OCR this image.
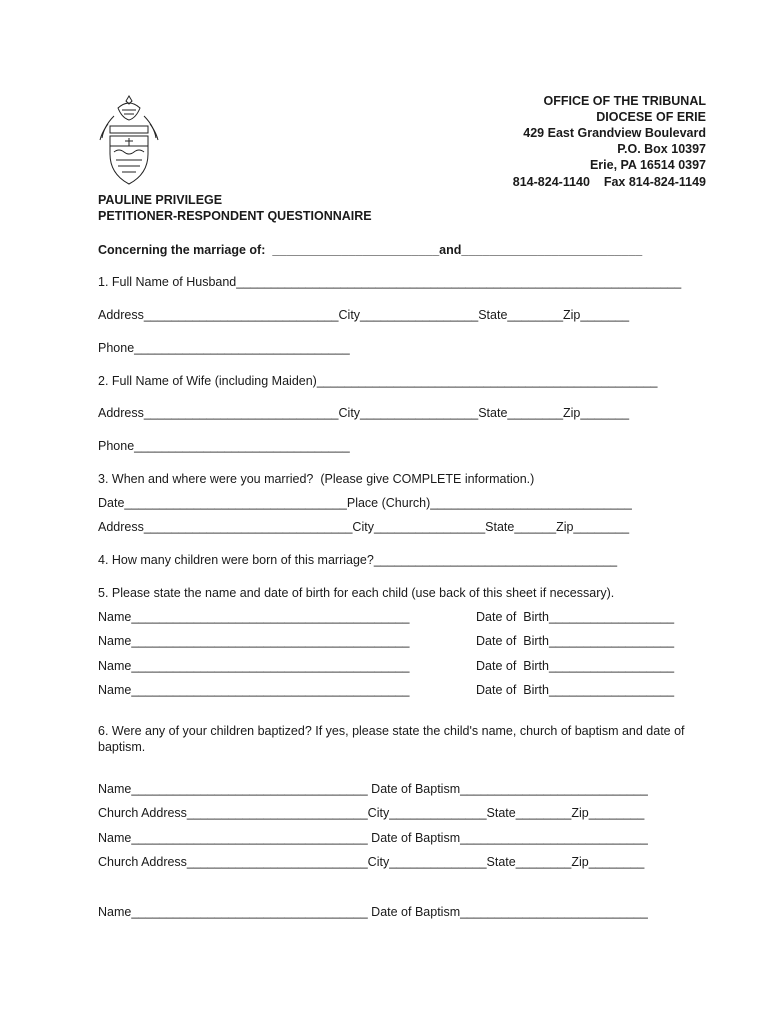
OFFICE OF THE TRIBUNAL
DIOCESE OF ERIE
429 East Grandview Boulevard
P.O. Box 10397
Erie, PA 16514 0397
814-824-1140    Fax 814-824-1149
PAULINE PRIVILEGE
PETITIONER-RESPONDENT QUESTIONNAIRE
Concerning the marriage of:  ________________________and__________________________
1. Full Name of Husband________________________________________________________________
Address____________________________City_________________State________Zip_______
Phone_______________________________
2. Full Name of Wife (including Maiden)_________________________________________________
Address____________________________City_________________State________Zip_______
Phone_______________________________
3. When and where were you married?  (Please give COMPLETE information.)
Date________________________________Place (Church)_____________________________
Address______________________________City________________State______Zip________
4. How many children were born of this marriage?___________________________________
5. Please state the name and date of birth for each child (use back of this sheet if necessary).
Name________________________________________	Date of  Birth__________________
Name________________________________________	Date of  Birth__________________
Name________________________________________	Date of  Birth__________________
Name________________________________________	Date of  Birth__________________
6. Were any of your children baptized? If yes, please state the child's name, church of baptism and date of baptism.
Name__________________________________ Date of Baptism___________________________
Church Address__________________________City______________State________Zip________
Name__________________________________ Date of Baptism___________________________
Church Address__________________________City______________State________Zip________
Name__________________________________ Date of Baptism___________________________
